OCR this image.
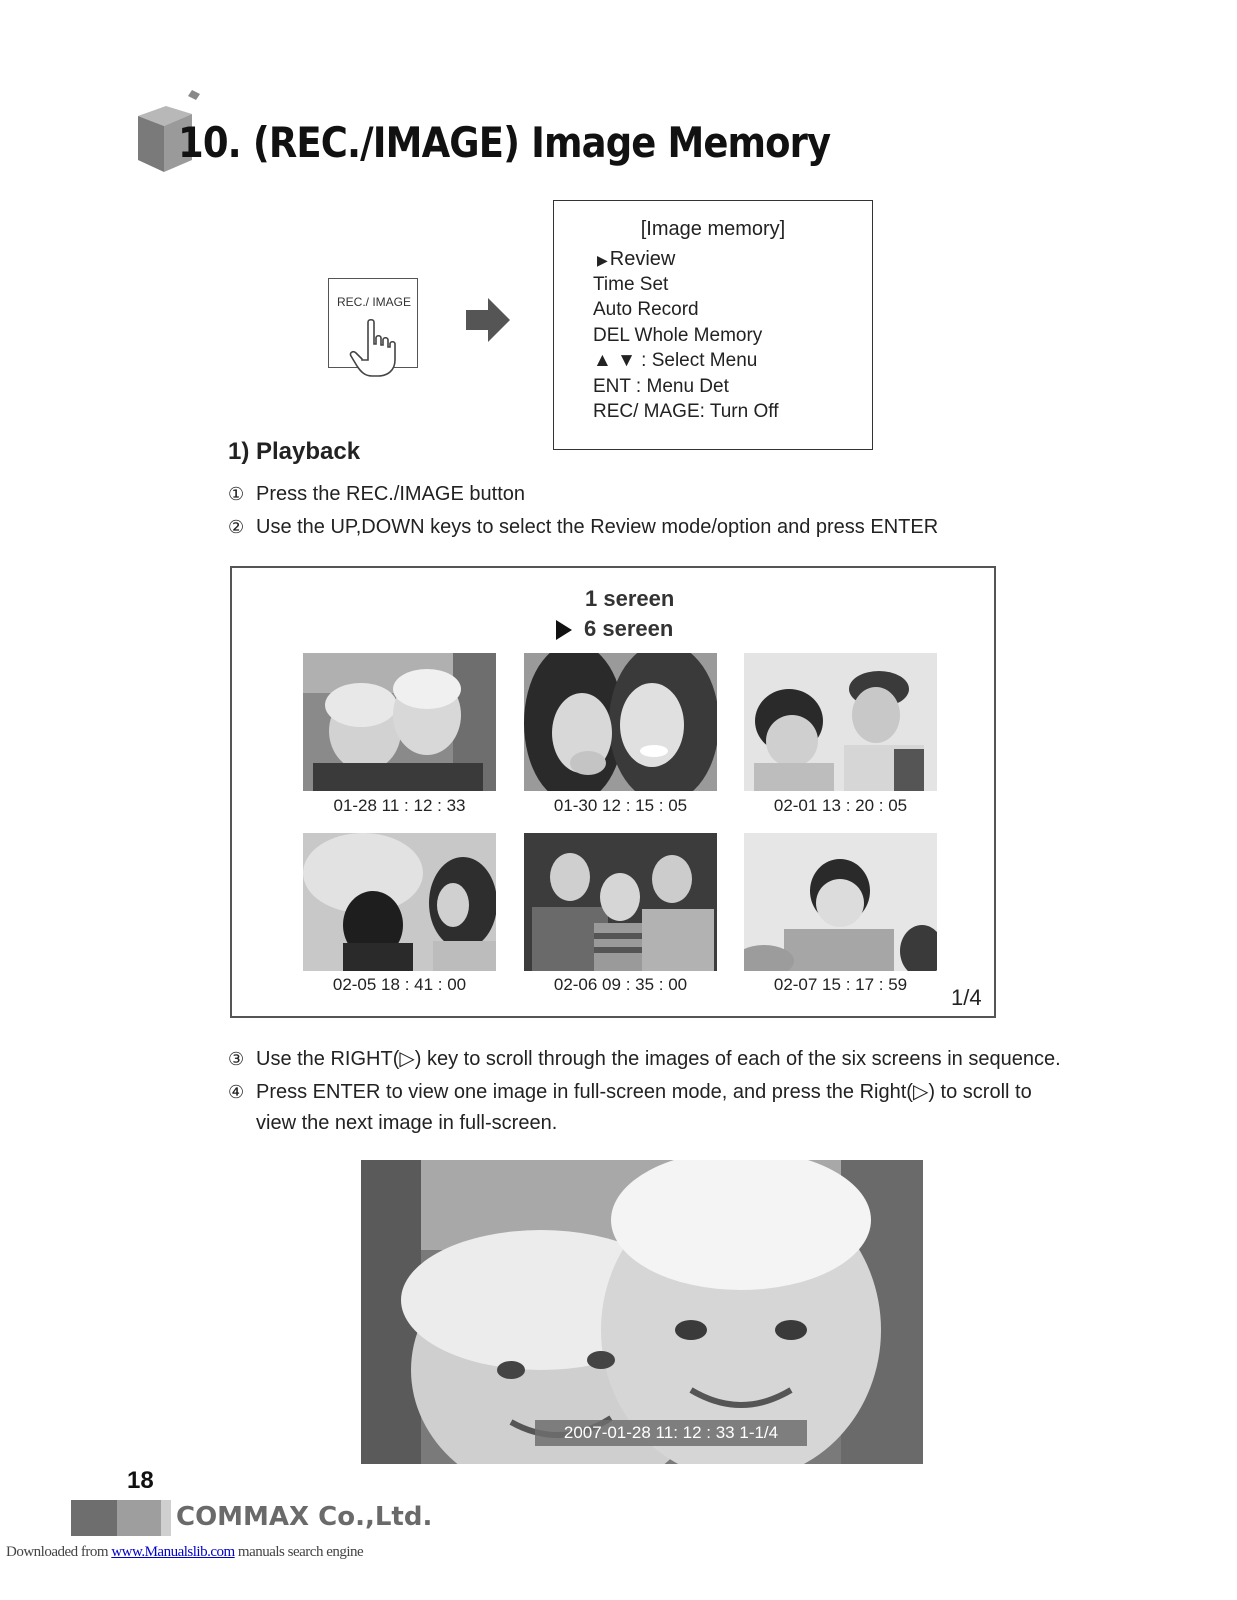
10. (REC./IMAGE) Image Memory
REC./ IMAGE
[Image memory]
▶ Review
Time Set
Auto Record
DEL Whole Memory
▲ ▼ : Select Menu
ENT : Menu Det
REC/ MAGE: Turn Off
1) Playback
① Press the REC./IMAGE button
② Use the UP,DOWN keys to select the Review mode/option and press ENTER
1 sereen
6 sereen
01-28 11 : 12 : 33	01-30 12 : 15 : 05	02-01 13 : 20 : 05
02-05 18 : 41 : 00	02-06 09 : 35 : 00	02-07 15 : 17 : 59
1/4
③ Use the RIGHT(▷) key to scroll through the images of each of the six screens in sequence.
④ Press ENTER to view one image in full-screen mode, and press the Right(▷) to scroll to
view the next image in full-screen.
2007-01-28 11: 12 : 33 1-1/4
18
COMMAX Co.,Ltd.
Downloaded from www.Manualslib.com manuals search engine
